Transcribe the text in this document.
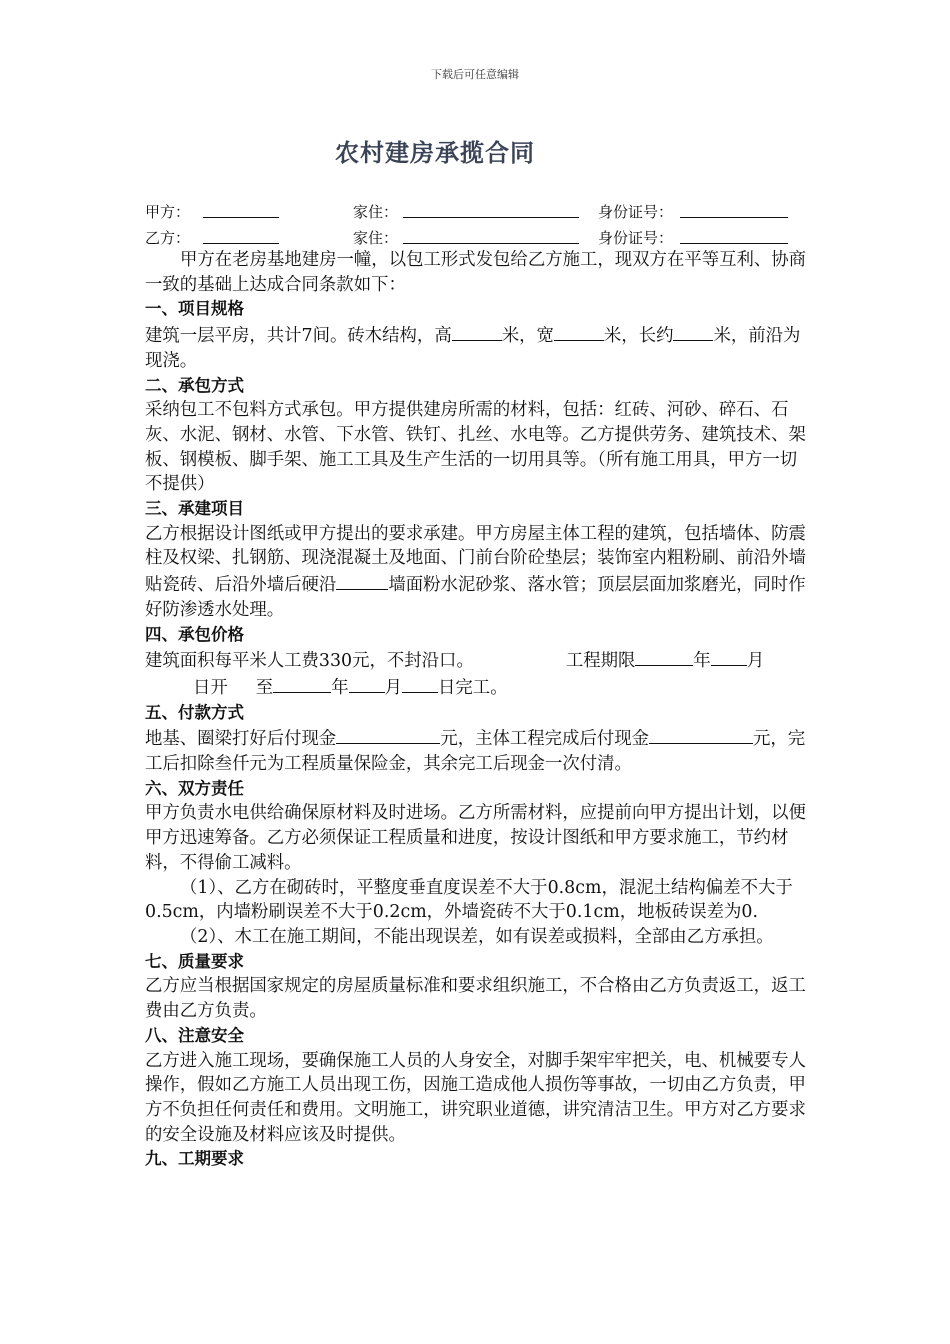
下载后可任意编辑
农村建房承揽合同
甲方：	家住：	身份证号：
乙方：	家住：	身份证号：

甲方在老房基地建房一幢，以包工形式发包给乙方施工，现双方在平等互利、协商一致的基础上达成合同条款如下：

一、项目规格

建筑一层平房，共计7间。砖木结构，高	米，宽	米，长约 米，前沿为现浇。

二、承包方式

采纳包工不包料方式承包。甲方提供建房所需的材料，包括：红砖、河砂、碎石、石灰、水泥、钢材、水管、下水管、铁钉、扎丝、水电等。乙方提供劳务、建筑技术、架板、钢模板、脚手架、施工工具及生产生活的一切用具等。（所有施工用具，甲方一切不提供）

三、承建项目

乙方根据设计图纸或甲方提出的要求承建。甲方房屋主体工程的建筑，包括墙体、防震柱及权梁、扎钢筋、现浇混凝土及地面、门前台阶砼垫层；装饰室内粗粉刷、前沿外墙贴瓷砖、后沿外墙后硬沿	墙面粉水泥砂浆、落水管；顶层层面加浆磨光，同时作好防渗透水处理。

四、承包价格

建筑面积每平米人工费330元，不封沿口。	工程期限	年 月
日开 至	年 月 日完工。

五、付款方式

地基、圈梁打好后付现金	元，主体工程完成后付现金	元，完工后扣除叁仟元为工程质量保险金，其余完工后现金一次付清。

六、双方责任

甲方负责水电供给确保原材料及时进场。乙方所需材料，应提前向甲方提出计划，以便甲方迅速筹备。乙方必须保证工程质量和进度，按设计图纸和甲方要求施工，节约材料，不得偷工减料。

（1）、乙方在砌砖时，平整度垂直度误差不大于0.8cm，混泥土结构偏差不大于0.5cm，内墙粉刷误差不大于0.2cm，外墙瓷砖不大于0.1cm，地板砖误差为0.

（2）、木工在施工期间，不能出现误差，如有误差或损料，全部由乙方承担。

七、质量要求

乙方应当根据国家规定的房屋质量标准和要求组织施工，不合格由乙方负责返工，返工费由乙方负责。

八、注意安全

乙方进入施工现场，要确保施工人员的人身安全，对脚手架牢牢把关，电、机械要专人操作，假如乙方施工人员出现工伤，因施工造成他人损伤等事故，一切由乙方负责，甲方不负担任何责任和费用。文明施工，讲究职业道德，讲究清洁卫生。甲方对乙方要求的安全设施及材料应该及时提供。

九、工期要求
